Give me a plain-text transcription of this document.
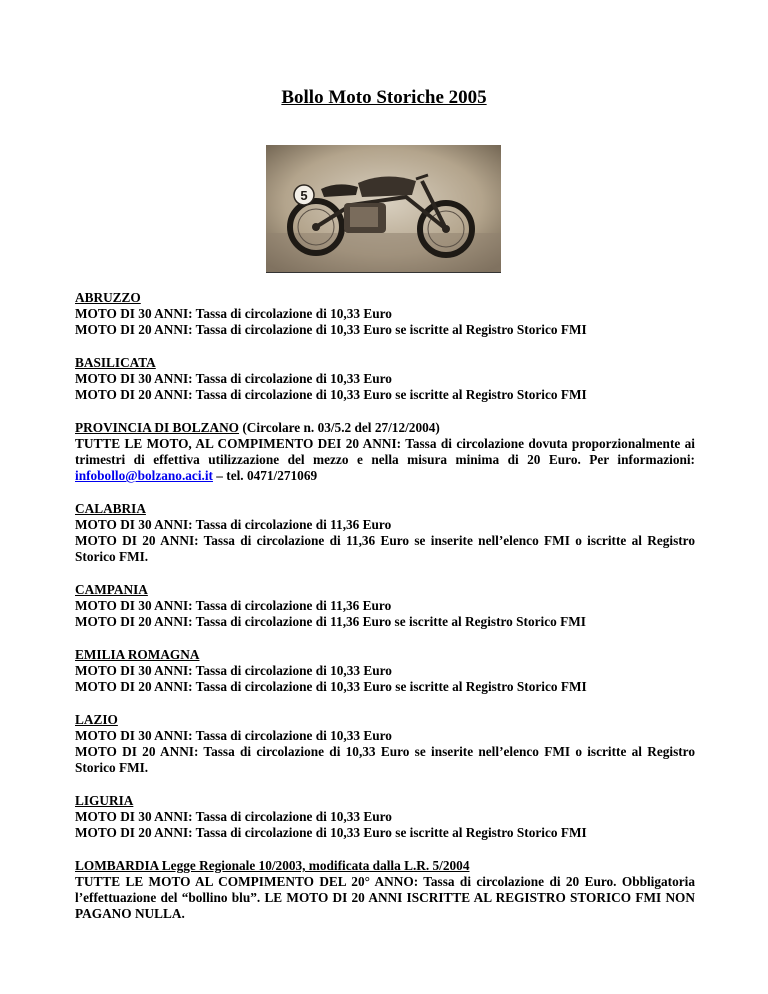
Bollo Moto Storiche 2005
5

ABRUZZO

MOTO DI 30 ANNI: Tassa di circolazione di 10,33 Euro

MOTO DI 20 ANNI: Tassa di circolazione di 10,33 Euro se iscritte al Registro Storico FMI

BASILICATA

MOTO DI 30 ANNI: Tassa di circolazione di 10,33 Euro

MOTO DI 20 ANNI: Tassa di circolazione di 10,33 Euro se iscritte al Registro Storico FMI

PROVINCIA DI BOLZANO (Circolare n. 03/5.2 del 27/12/2004)

TUTTE LE MOTO, AL COMPIMENTO DEI 20 ANNI: Tassa di circolazione dovuta proporzionalmente ai trimestri di effettiva utilizzazione del mezzo e nella misura minima di 20 Euro. Per informazioni: infobollo@bolzano.aci.it – tel. 0471/271069

CALABRIA

MOTO DI 30 ANNI: Tassa di circolazione di 11,36 Euro

MOTO DI 20 ANNI: Tassa di circolazione di 11,36 Euro se inserite nell’elenco FMI o iscritte al Registro Storico FMI.

CAMPANIA

MOTO DI 30 ANNI: Tassa di circolazione di 11,36 Euro

MOTO DI 20 ANNI: Tassa di circolazione di 11,36 Euro se iscritte al Registro Storico FMI

EMILIA ROMAGNA

MOTO DI 30 ANNI: Tassa di circolazione di 10,33 Euro

MOTO DI 20 ANNI: Tassa di circolazione di 10,33 Euro se iscritte al Registro Storico FMI

LAZIO

MOTO DI 30 ANNI: Tassa di circolazione di 10,33 Euro

MOTO DI 20 ANNI: Tassa di circolazione di 10,33 Euro se inserite nell’elenco FMI o iscritte al Registro Storico FMI.

LIGURIA

MOTO DI 30 ANNI: Tassa di circolazione di 10,33 Euro

MOTO DI 20 ANNI: Tassa di circolazione di 10,33 Euro se iscritte al Registro Storico FMI

LOMBARDIA Legge Regionale 10/2003, modificata dalla L.R. 5/2004

TUTTE LE MOTO AL COMPIMENTO DEL 20° ANNO: Tassa di circolazione di 20 Euro. Obbligatoria l’effettuazione del “bollino blu”. LE MOTO DI 20 ANNI ISCRITTE AL REGISTRO STORICO FMI NON PAGANO NULLA.
